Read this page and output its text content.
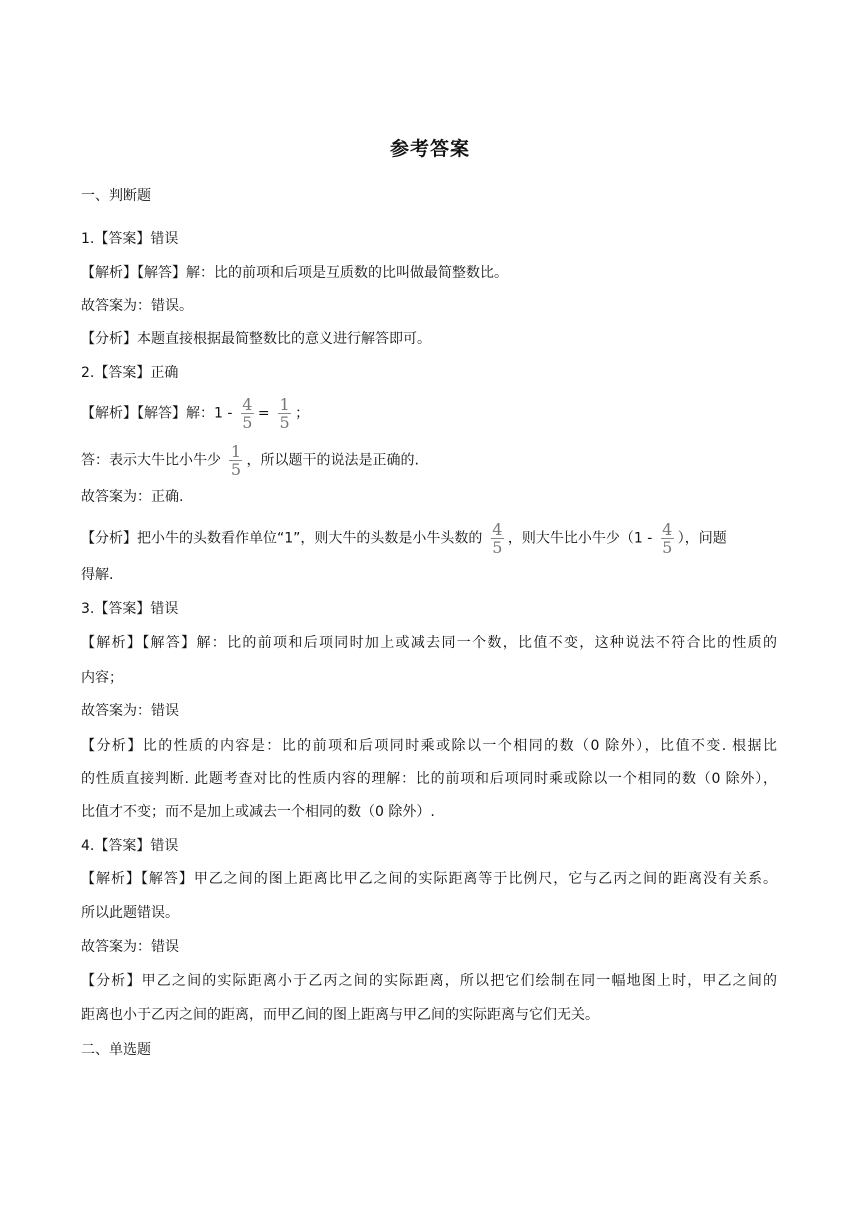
参考答案
一、判断题
1.【答案】错误
【解析】【解答】解：比的前项和后项是互质数的比叫做最简整数比。
故答案为：错误。
【分析】本题直接根据最简整数比的意义进行解答即可。
2.【答案】正确
【解析】【解答】解：$1 - \frac{4}{5} = \frac{1}{5}$ ；
答：表示大牛比小牛少 $\frac{1}{5}$ ，所以题干的说法是正确的.
故答案为：正确.
【分析】把小牛的头数看作单位“1”，则大牛的头数是小牛头数的 $\frac{4}{5}$ ，则大牛比小牛少（$1 - \frac{4}{5}$ ），问题
得解.
3.【答案】错误
【解析】【解答】解：比的前项和后项同时加上或减去同一个数，比值不变，这种说法不符合比的性质的
内容；
故答案为：错误
【分析】比的性质的内容是：比的前项和后项同时乘或除以一个相同的数（0 除外），比值不变. 根据比
的性质直接判断. 此题考查对比的性质内容的理解：比的前项和后项同时乘或除以一个相同的数（0 除外），
比值才不变；而不是加上或减去一个相同的数（0 除外）.
4.【答案】错误
【解析】【解答】甲乙之间的图上距离比甲乙之间的实际距离等于比例尺，它与乙丙之间的距离没有关系。
所以此题错误。
故答案为：错误
【分析】甲乙之间的实际距离小于乙丙之间的实际距离，所以把它们绘制在同一幅地图上时，甲乙之间的
距离也小于乙丙之间的距离，而甲乙间的图上距离与甲乙间的实际距离与它们无关。
二、单选题
